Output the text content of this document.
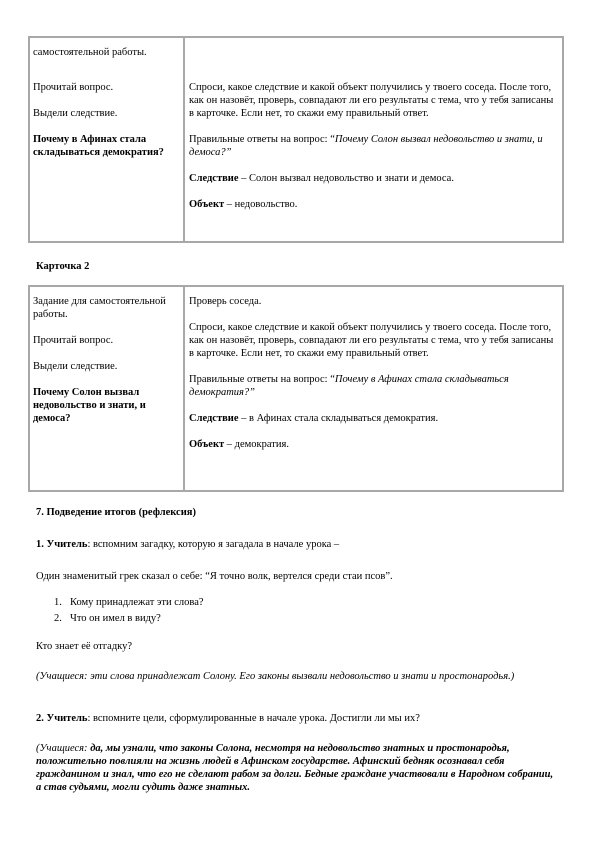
самостоятельной работы.

Прочитай вопрос.

Выдели следствие.

Почему в Афинах стала складываться демократия?

Спроси, какое следствие и какой объект получились у твоего соседа. После того, как он назовёт, проверь, совпадают ли его результаты с тема, что у тебя записаны в карточке. Если нет, то скажи ему правильный ответ.

Правильные ответы на вопрос: “Почему Солон вызвал недовольство и знати, и демоса?”

Следствие – Солон вызвал недовольство и знати и демоса.

Объект – недовольство.

Карточка 2

Задание для самостоятельной работы.

Прочитай вопрос.

Выдели следствие.

Почему Солон вызвал недовольство и знати, и демоса?

Проверь соседа.

Спроси, какое следствие и какой объект получились у твоего соседа. После того, как он назовёт, проверь, совпадают ли его результаты с тема, что у тебя записаны в карточке. Если нет, то скажи ему правильный ответ.

Правильные ответы на вопрос: “Почему в Афинах стала складываться демократия?”

Следствие – в Афинах стала складываться демократия.

Объект – демократия.

7. Подведение итогов (рефлексия)

1. Учитель: вспомним загадку, которую я загадала в начале урока –

Один знаменитый грек сказал о себе: “Я точно волк, вертелся среди стаи псов”.

1. Кому принадлежат эти слова?
2. Что он имел в виду?

Кто знает её отгадку?

(Учащиеся: эти слова принадлежат Солону. Его законы вызвали недовольство и знати и простонародья.)

2. Учитель: вспомните цели, сформулированные в начале урока. Достигли ли мы их?

(Учащиеся: да, мы узнали, что законы Солона, несмотря на недовольство знатных и простонародья, положительно повлияли на жизнь людей в Афинском государстве. Афинский бедняк осознавал себя гражданином и знал, что его не сделают рабом за долги. Бедные граждане участвовали в Народном собрании, а став судьями, могли судить даже знатных.
